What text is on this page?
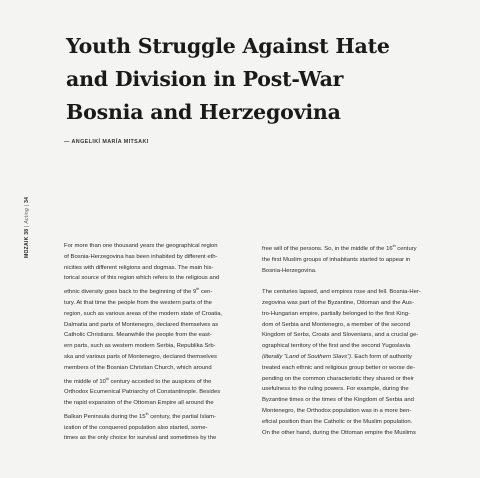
Youth Struggle Against Hate
and Division in Post-War
Bosnia and Herzegovina
— ANGELIKÍ MARÍA MITSAKI
MOZAIK 38 | Acting | 34
For more than one thousand years the geographical region
of Bosnia-Herzegovina has been inhabited by different eth-
nicities with different religions and dogmas. The main his-
torical source of this region which refers to the religious and
ethnic diversity goes back to the beginning of the 9th cen-
tury. At that time the people from the western parts of the
region, such as various areas of the modern state of Croatia,
Dalmatia and parts of Montenegro, declared themselves as
Catholic Christians. Meanwhile the people from the east-
ern parts, such as western modern Serbia, Republika Srb-
ska and various parts of Montenegro, declared themselves
members of the Bosnian Christian Church, which around
the middle of 10th century acceded to the auspices of the
Orthodox Ecumenical Patriarchy of Constantinople. Besides
the rapid expansion of the Ottoman Empire all around the
Balkan Peninsula during the 15th century, the partial Islam-
ization of the conquered population also started, some-
times as the only choice for survival and sometimes by the
free will of the persons. So, in the middle of the 16th century
the first Muslim groups of inhabitants started to appear in
Bosnia-Herzegovina.
The centuries lapsed, and empires rose and fell. Bosnia-Her-
zegovina was part of the Byzantine, Ottoman and the Aus-
tro-Hungarian empire, partially belonged to the first King-
dom of Serbia and Montenegro, a member of the second
Kingdom of Serbs, Croats and Slovenians, and a crucial ge-
ographical territory of the first and the second Yugoslavia
(literally “Land of Southern Slavs”). Each form of authority
treated each ethnic and religious group better or worse de-
pending on the common characteristic they shared or their
usefulness to the ruling powers. For example, during the
Byzantine times or the times of the Kingdom of Serbia and
Montenegro, the Orthodox population was in a more ben-
eficial position than the Catholic or the Muslim population.
On the other hand, during the Ottoman empire the Muslims
